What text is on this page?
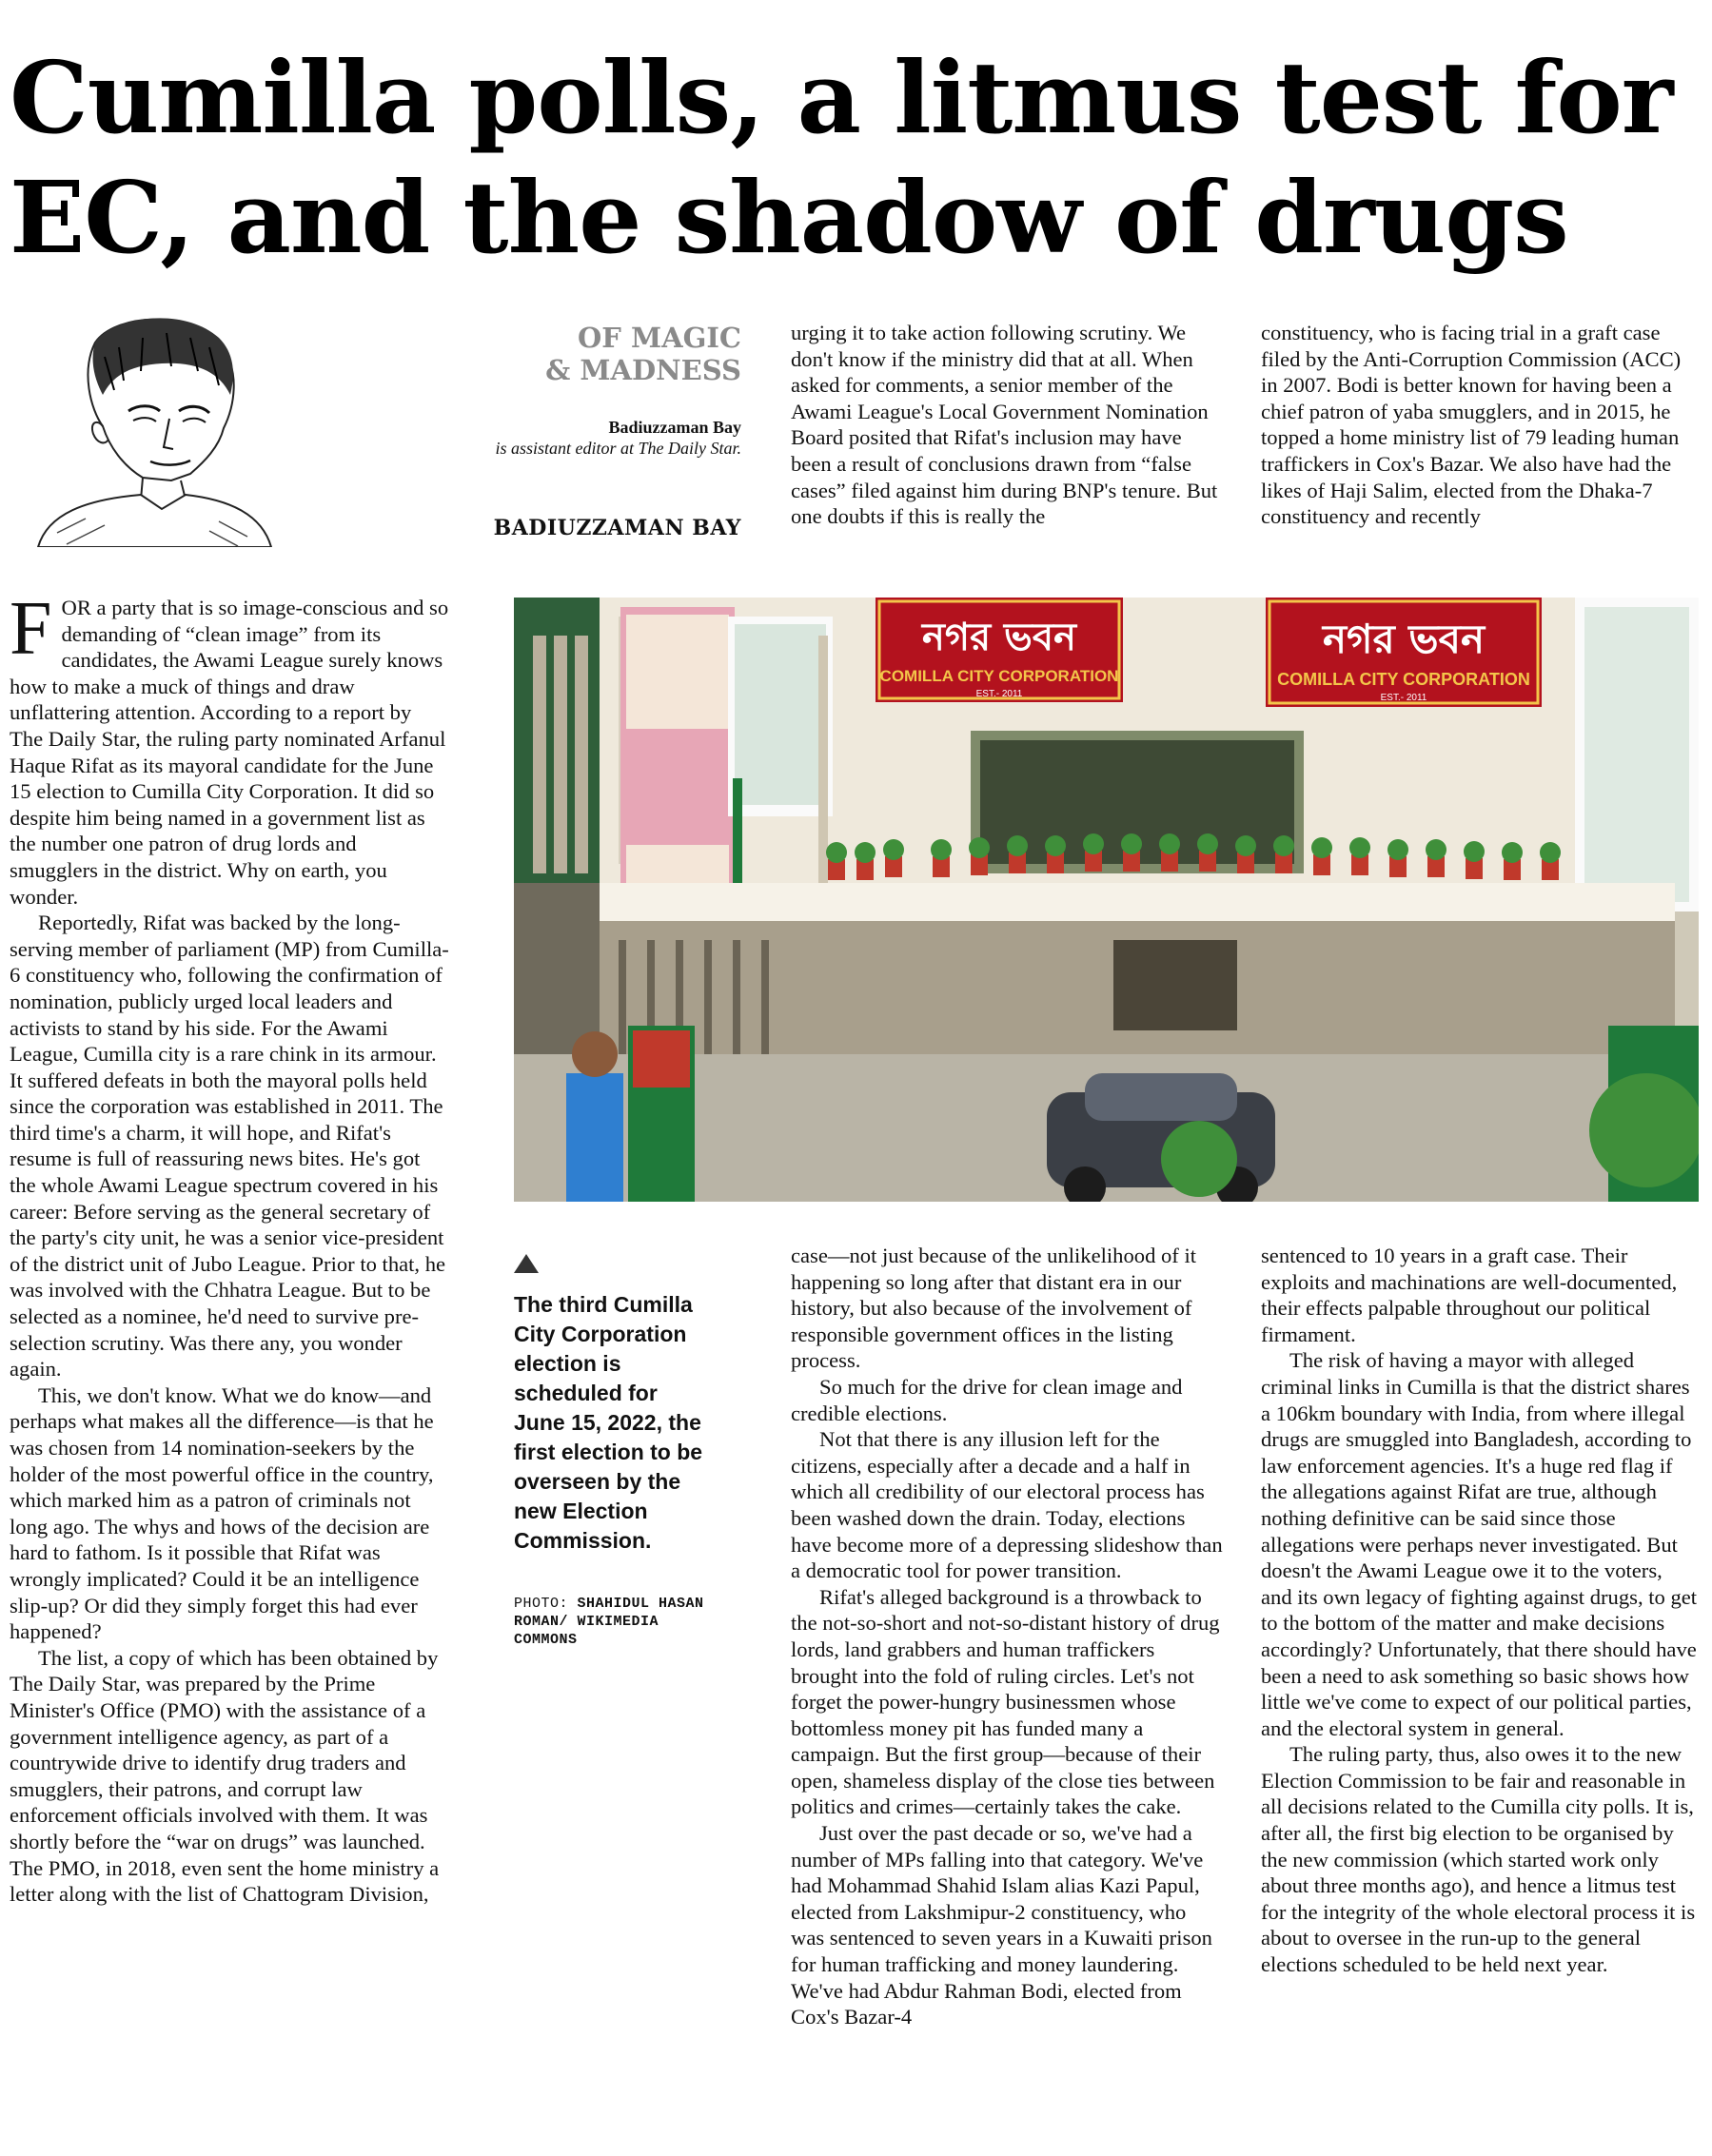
Cumilla polls, a litmus test for EC, and the shadow of drugs
OF MAGIC
& MADNESS
Badiuzzaman Bay
is assistant editor at The Daily Star.
BADIUZZAMAN BAY

FOR a party that is so image-conscious and so demanding of “clean image” from its candidates, the Awami League surely knows how to make a muck of things and draw unflattering attention. According to a report by The Daily Star, the ruling party nominated Arfanul Haque Rifat as its mayoral candidate for the June 15 election to Cumilla City Corporation. It did so despite him being named in a government list as the number one patron of drug lords and smugglers in the district. Why on earth, you wonder.

Reportedly, Rifat was backed by the long-serving member of parliament (MP) from Cumilla-6 constituency who, following the confirmation of nomination, publicly urged local leaders and activists to stand by his side. For the Awami League, Cumilla city is a rare chink in its armour. It suffered defeats in both the mayoral polls held since the corporation was established in 2011. The third time's a charm, it will hope, and Rifat's resume is full of reassuring news bites. He's got the whole Awami League spectrum covered in his career: Before serving as the general secretary of the party's city unit, he was a senior vice-president of the district unit of Jubo League. Prior to that, he was involved with the Chhatra League. But to be selected as a nominee, he'd need to survive pre-selection scrutiny. Was there any, you wonder again.

This, we don't know. What we do know—and perhaps what makes all the difference—is that he was chosen from 14 nomination-seekers by the holder of the most powerful office in the country, which marked him as a patron of criminals not long ago. The whys and hows of the decision are hard to fathom. Is it possible that Rifat was wrongly implicated? Could it be an intelligence slip-up? Or did they simply forget this had ever happened?

The list, a copy of which has been obtained by The Daily Star, was prepared by the Prime Minister's Office (PMO) with the assistance of a government intelligence agency, as part of a countrywide drive to identify drug traders and smugglers, their patrons, and corrupt law enforcement officials involved with them. It was shortly before the “war on drugs” was launched. The PMO, in 2018, even sent the home ministry a letter along with the list of Chattogram Division,

urging it to take action following scrutiny. We don't know if the ministry did that at all. When asked for comments, a senior member of the Awami League's Local Government Nomination Board posited that Rifat's inclusion may have been a result of conclusions drawn from “false cases” filed against him during BNP's tenure. But one doubts if this is really the

constituency, who is facing trial in a graft case filed by the Anti-Corruption Commission (ACC) in 2007. Bodi is better known for having been a chief patron of yaba smugglers, and in 2015, he topped a home ministry list of 79 leading human traffickers in Cox's Bazar. We also have had the likes of Haji Salim, elected from the Dhaka-7 constituency and recently

নগর ভবন
COMILLA CITY CORPORATION
EST.- 2011
নগর ভবন
COMILLA CITY CORPORATION
EST.- 2011
The third Cumilla City Corporation election is scheduled for June 15, 2022, the first election to be overseen by the new Election Commission.
PHOTO: SHAHIDUL HASAN ROMAN/ WIKIMEDIA COMMONS

case—not just because of the unlikelihood of it happening so long after that distant era in our history, but also because of the involvement of responsible government offices in the listing process.

So much for the drive for clean image and credible elections.

Not that there is any illusion left for the citizens, especially after a decade and a half in which all credibility of our electoral process has been washed down the drain. Today, elections have become more of a depressing slideshow than a democratic tool for power transition.

Rifat's alleged background is a throwback to the not-so-short and not-so-distant history of drug lords, land grabbers and human traffickers brought into the fold of ruling circles. Let's not forget the power-hungry businessmen whose bottomless money pit has funded many a campaign. But the first group—because of their open, shameless display of the close ties between politics and crimes—certainly takes the cake.

Just over the past decade or so, we've had a number of MPs falling into that category. We've had Mohammad Shahid Islam alias Kazi Papul, elected from Lakshmipur-2 constituency, who was sentenced to seven years in a Kuwaiti prison for human trafficking and money laundering. We've had Abdur Rahman Bodi, elected from Cox's Bazar-4

sentenced to 10 years in a graft case. Their exploits and machinations are well-documented, their effects palpable throughout our political firmament.

The risk of having a mayor with alleged criminal links in Cumilla is that the district shares a 106km boundary with India, from where illegal drugs are smuggled into Bangladesh, according to law enforcement agencies. It's a huge red flag if the allegations against Rifat are true, although nothing definitive can be said since those allegations were perhaps never investigated. But doesn't the Awami League owe it to the voters, and its own legacy of fighting against drugs, to get to the bottom of the matter and make decisions accordingly? Unfortunately, that there should have been a need to ask something so basic shows how little we've come to expect of our political parties, and the electoral system in general.

The ruling party, thus, also owes it to the new Election Commission to be fair and reasonable in all decisions related to the Cumilla city polls. It is, after all, the first big election to be organised by the new commission (which started work only about three months ago), and hence a litmus test for the integrity of the whole electoral process it is about to oversee in the run-up to the general elections scheduled to be held next year.
